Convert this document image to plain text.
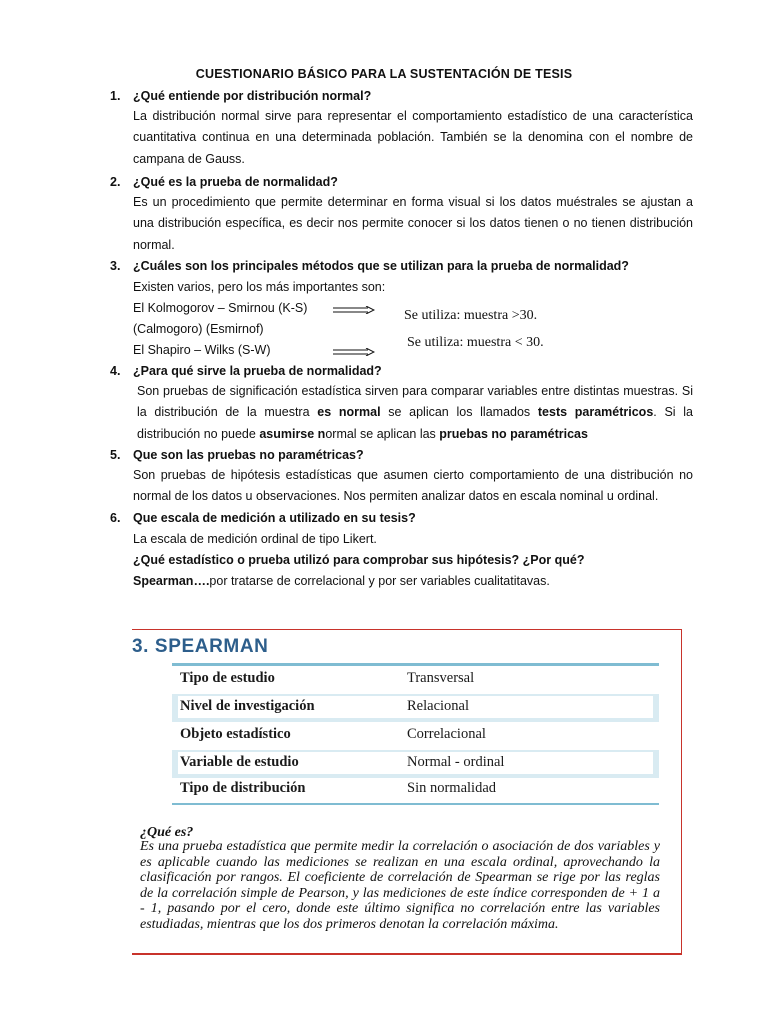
CUESTIONARIO BÁSICO PARA LA SUSTENTACIÓN DE TESIS
1. ¿Qué entiende por distribución normal?
La distribución normal sirve para representar el comportamiento estadístico de una característica cuantitativa continua en una determinada población. También se la denomina con el nombre de campana de Gauss.
2. ¿Qué es la prueba de normalidad?
Es un procedimiento que permite determinar en forma visual si los datos muéstrales se ajustan a una distribución específica, es decir nos permite conocer si los datos tienen o no tienen distribución normal.
3. ¿Cuáles son los principales métodos que se utilizan para la prueba de normalidad?
Existen varios, pero los más importantes son:
El Kolmogorov – Smirnou (K-S)	Se utiliza: muestra >30.
(Calmogoro) (Esmirnof)
El Shapiro – Wilks (S-W)	Se utiliza: muestra < 30.
4. ¿Para qué sirve la prueba de normalidad?
Son pruebas de significación estadística sirven para comparar variables entre distintas muestras. Si la distribución de la muestra es normal se aplican los llamados tests paramétricos. Si la distribución no puede asumirse normal se aplican las pruebas no paramétricas
5. Que son las pruebas no paramétricas?
Son pruebas de hipótesis estadísticas que asumen cierto comportamiento de una distribución no normal de los datos u observaciones. Nos permiten analizar datos en escala nominal u ordinal.
6. Que escala de medición a utilizado en su tesis?
La escala de medición ordinal de tipo Likert.
¿Qué estadístico o prueba utilizó para comprobar sus hipótesis? ¿Por qué?
Spearman….por tratarse de correlacional y por ser variables cualitatitavas.
3. SPEARMAN
Tipo de estudio	Transversal
Nivel de investigación	Relacional
Objeto estadístico	Correlacional
Variable de estudio	Normal - ordinal
Tipo de distribución	Sin normalidad
¿Qué es?
Es una prueba estadística que permite medir la correlación o asociación de dos variables y es aplicable cuando las mediciones se realizan en una escala ordinal, aprovechando la clasificación por rangos. El coeficiente de correlación de Spearman se rige por las reglas de la correlación simple de Pearson, y las mediciones de este índice corresponden de + 1 a - 1, pasando por el cero, donde este último significa no correlación entre las variables estudiadas, mientras que los dos primeros denotan la correlación máxima.
